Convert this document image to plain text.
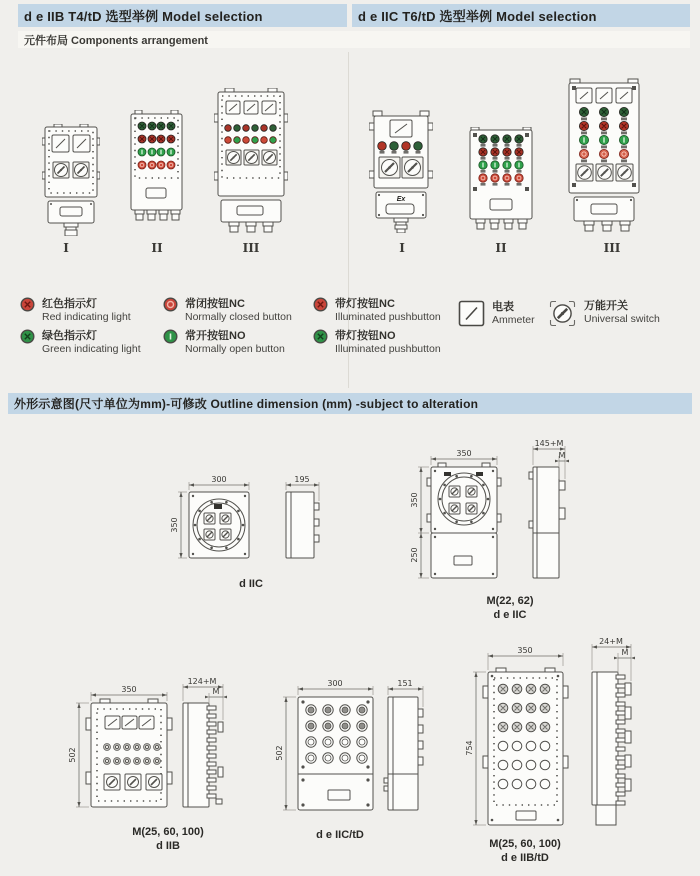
d e IIB T4/tD 选型举例 Model selection	d e IIC T6/tD 选型举例 Model selection
元件布局 Components arrangement
I	II	III
Ex
I	II	III
红色指示灯
Red indicating light
绿色指示灯
Green indicating light
常闭按钮NC
Normally closed button
常开按钮NO
Normally open button
带灯按钮NC
Illuminated pushbutton
带灯按钮NO
Illuminated pushbutton
电表
Ammeter
万能开关
Universal switch
外形示意图(尺寸单位为mm)-可修改 Outline dimension (mm) -subject to alteration
300
350
195
d IIC
350
350
250
145+M
M
M(22, 62)
d e IIC
350
502
124+M
M
M(25, 60, 100)
d IIB
300
502
151
d e IIC/tD
350
754
24+M
M
M(25, 60, 100)
d e IIB/tD
